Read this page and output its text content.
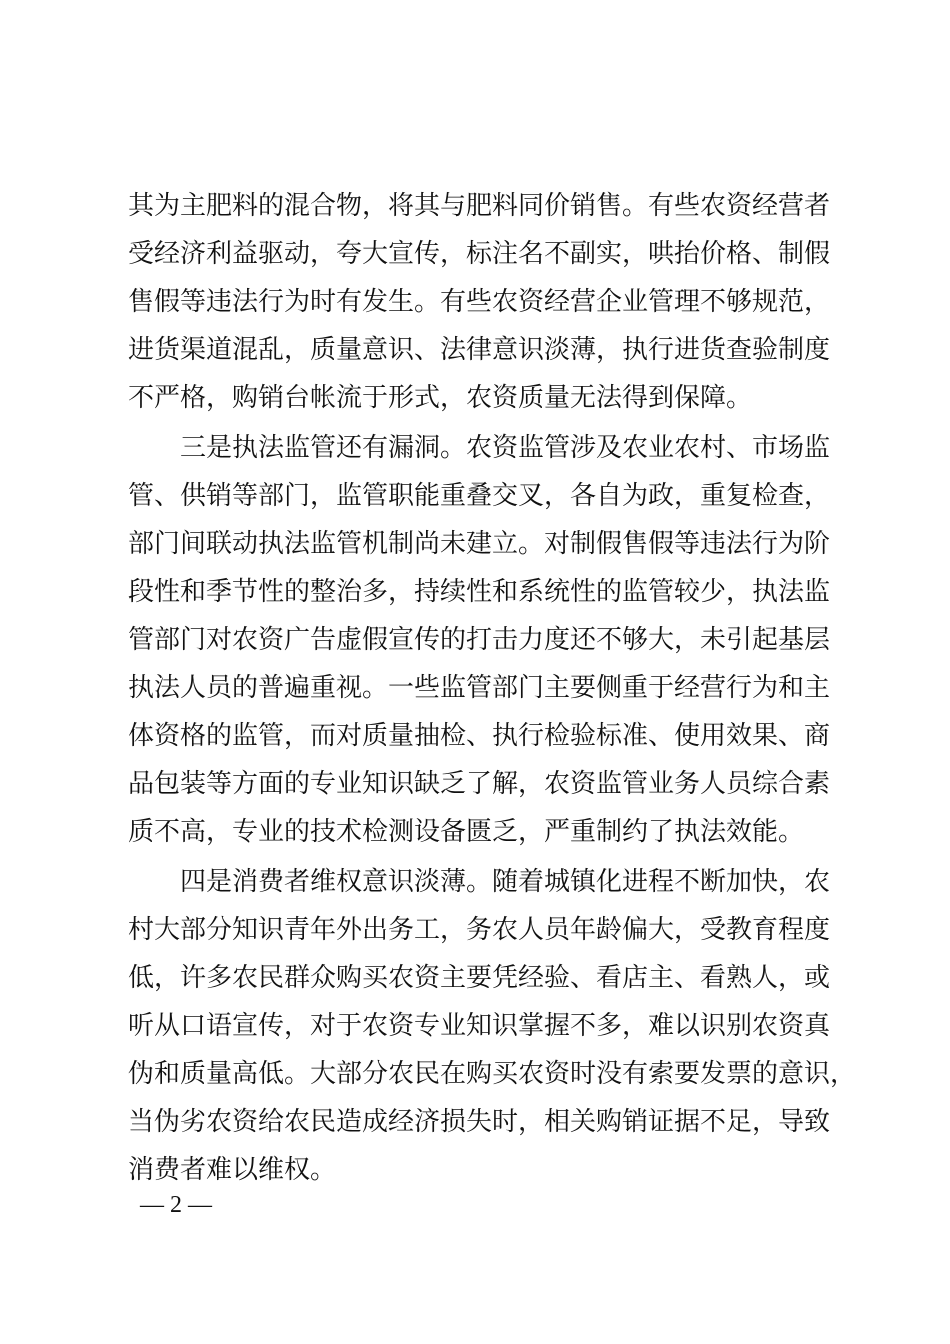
其为主肥料的混合物，将其与肥料同价销售。有些农资经营者
受经济利益驱动，夸大宣传，标注名不副实，哄抬价格、制假
售假等违法行为时有发生。有些农资经营企业管理不够规范，
进货渠道混乱，质量意识、法律意识淡薄，执行进货查验制度
不严格，购销台帐流于形式，农资质量无法得到保障。
三是执法监管还有漏洞。农资监管涉及农业农村、市场监
管、供销等部门，监管职能重叠交叉，各自为政，重复检查，
部门间联动执法监管机制尚未建立。对制假售假等违法行为阶
段性和季节性的整治多，持续性和系统性的监管较少，执法监
管部门对农资广告虚假宣传的打击力度还不够大，未引起基层
执法人员的普遍重视。一些监管部门主要侧重于经营行为和主
体资格的监管，而对质量抽检、执行检验标准、使用效果、商
品包装等方面的专业知识缺乏了解，农资监管业务人员综合素
质不高，专业的技术检测设备匮乏，严重制约了执法效能。
四是消费者维权意识淡薄。随着城镇化进程不断加快，农
村大部分知识青年外出务工，务农人员年龄偏大，受教育程度
低，许多农民群众购买农资主要凭经验、看店主、看熟人，或
听从口语宣传，对于农资专业知识掌握不多，难以识别农资真
伪和质量高低。大部分农民在购买农资时没有索要发票的意识，
当伪劣农资给农民造成经济损失时，相关购销证据不足，导致
消费者难以维权。
— 2 —
